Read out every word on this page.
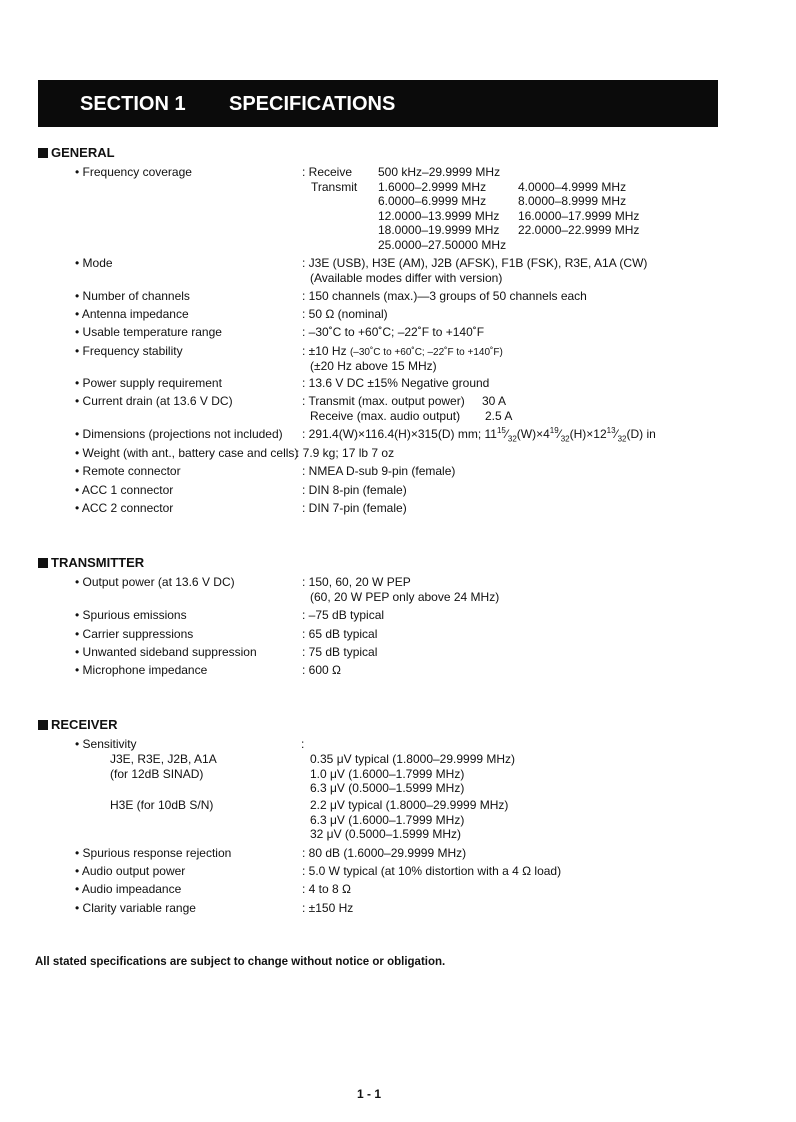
SECTION 1 SPECIFICATIONS
GENERAL
• Frequency coverage	: Receive 500 kHz–29.9999 MHz
Transmit 1.6000–2.9999 MHz	4.0000–4.9999 MHz
6.0000–6.9999 MHz	8.0000–8.9999 MHz
12.0000–13.9999 MHz 16.0000–17.9999 MHz
18.0000–19.9999 MHz 22.0000–22.9999 MHz
25.0000–27.50000 MHz
• Mode	: J3E (USB), H3E (AM), J2B (AFSK), F1B (FSK), R3E, A1A (CW)
(Available modes differ with version)
• Number of channels	: 150 channels (max.)—3 groups of 50 channels each
• Antenna impedance	: 50 Ω (nominal)
• Usable temperature range	: –30˚C to +60˚C; –22˚F to +140˚F
• Frequency stability	: ±10 Hz (–30˚C to +60˚C; –22˚F to +140˚F)
(±20 Hz above 15 MHz)
• Power supply requirement	: 13.6 V DC ±15% Negative ground
• Current drain (at 13.6 V DC)	: Transmit (max. output power) 30 A
Receive (max. audio output) 2.5 A
• Dimensions (projections not included) : 291.4(W)×116.4(H)×315(D) mm; $11^{15}⁄_{32}(W)\times 4^{19}⁄_{32}(H)\times 12^{13}⁄_{32}(D)$ in
• Weight (with ant., battery case and cells)
: 7.9 kg; 17 lb 7 oz
• Remote connector	: NMEA D-sub 9-pin (female)
• ACC 1 connector	: DIN 8-pin (female)
• ACC 2 connector	: DIN 7-pin (female)
TRANSMITTER
• Output power (at 13.6 V DC)	: 150, 60, 20 W PEP
(60, 20 W PEP only above 24 MHz)
• Spurious emissions	: –75 dB typical
• Carrier suppressions	: 65 dB typical
• Unwanted sideband suppression	: 75 dB typical
• Microphone impedance	: 600 Ω
RECEIVER
• Sensitivity	:
J3E, R3E, J2B, A1A	0.35 μV typical (1.8000–29.9999 MHz)
(for 12dB SINAD)	1.0 μV (1.6000–1.7999 MHz)
6.3 μV (0.5000–1.5999 MHz)
H3E (for 10dB S/N)	2.2 μV typical (1.8000–29.9999 MHz)
6.3 μV (1.6000–1.7999 MHz)
32 μV (0.5000–1.5999 MHz)
• Spurious response rejection	: 80 dB (1.6000–29.9999 MHz)
• Audio output power	: 5.0 W typical (at 10% distortion with a 4 Ω load)
• Audio impeadance	: 4 to 8 Ω
• Clarity variable range	: ±150 Hz
All stated specifications are subject to change without notice or obligation.
1 - 1
